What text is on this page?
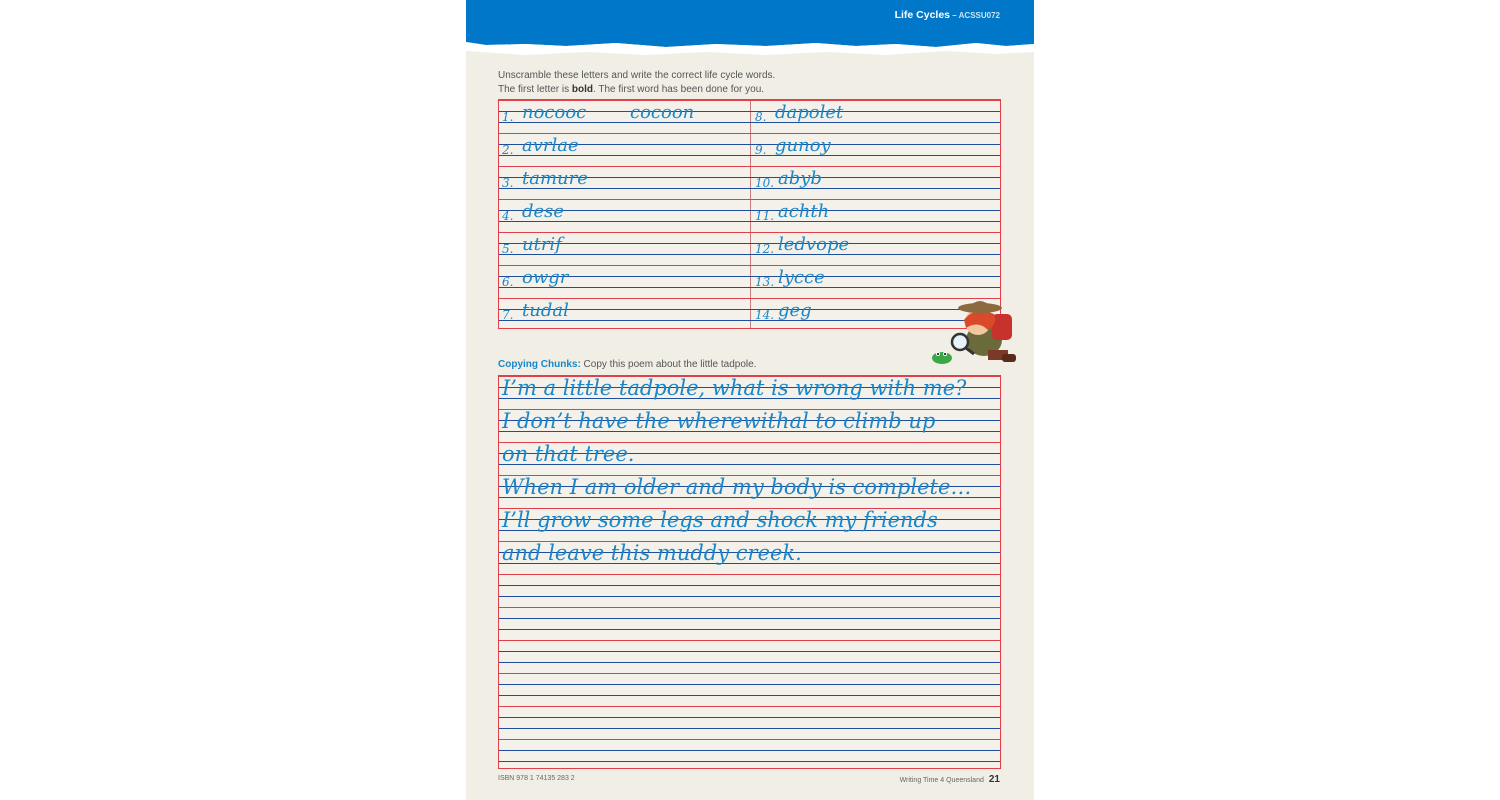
Life Cycles – ACSSU072
Unscramble these letters and write the correct life cycle words.
The first letter is bold. The first word has been done for you.
1. nocooc cocoon
2. avrlae
3. tamure
4. dese
5. utrif
6. owgr
7. tudal
8. dapolet
9. gunoy
10. abyb
11. achth
12. ledvope
13. lycce
14. geg
Copying Chunks: Copy this poem about the little tadpole.
I’m a little tadpole, what is wrong with me?
I don’t have the wherewithal to climb up
on that tree.
When I am older and my body is complete…
I’ll grow some legs and shock my friends
and leave this muddy creek.
ISBN 978 1 74135 283 2	Writing Time 4 Queensland 21
